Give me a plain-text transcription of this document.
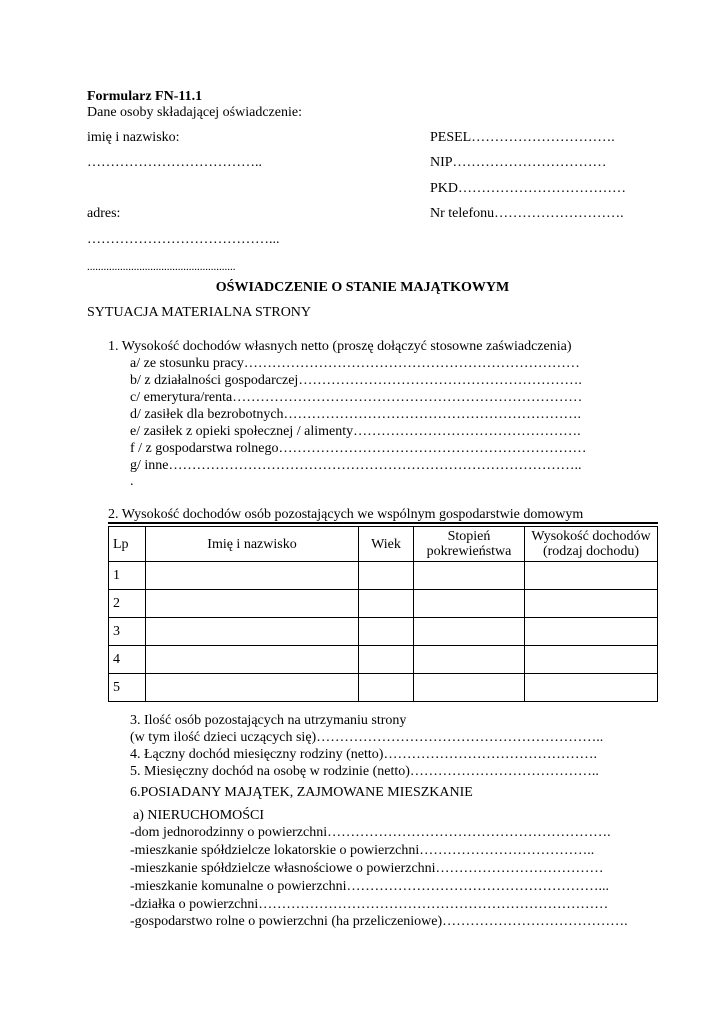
Formularz FN-11.1
Dane osoby składającej oświadczenie:
imię i nazwisko:
………………………………..
adres:
…………………………………...
......................................................
PESEL………………………….
NIP……………………………
PKD………………………………
Nr telefonu……………………….
OŚWIADCZENIE O STANIE MAJĄTKOWYM
SYTUACJA MATERIALNA STRONY
1. Wysokość dochodów własnych netto (proszę dołączyć stosowne zaświadczenia)
a/ ze stosunku pracy………………………………………………………………
b/ z działalności gospodarczej…………………………………………………….
c/ emerytura/renta…………………………………………………………………
d/ zasiłek dla bezrobotnych……………………………………………………….
e/ zasiłek z opieki społecznej / alimenty………………………………………….
f / z gospodarstwa rolnego…………………………………………………………
g/ inne……………………………………………………………………………..
.
2. Wysokość dochodów osób pozostających we wspólnym gospodarstwie domowym
Lp	Imię i nazwisko	Wiek	Stopień pokrewieństwa	Wysokość dochodów (rodzaj dochodu)
1				
2				
3				
4				
5				
3. Ilość osób pozostających na utrzymaniu strony
(w tym ilość dzieci uczących się)……………………………………………………..
4. Łączny dochód miesięczny rodziny (netto)……………………………………….
5. Miesięczny dochód na osobę w rodzinie (netto)…………………………………..
6.POSIADANY MAJĄTEK, ZAJMOWANE MIESZKANIE
a) NIERUCHOMOŚCI
-dom jednorodzinny o powierzchni…………………………………………………….
-mieszkanie spółdzielcze lokatorskie o powierzchni………………………………..
-mieszkanie spółdzielcze własnościowe o powierzchni………………………………
-mieszkanie komunalne o powierzchni………………………………………………...
-działka o powierzchni…………………………………………………………………
-gospodarstwo rolne o powierzchni (ha przeliczeniowe)………………………………….
